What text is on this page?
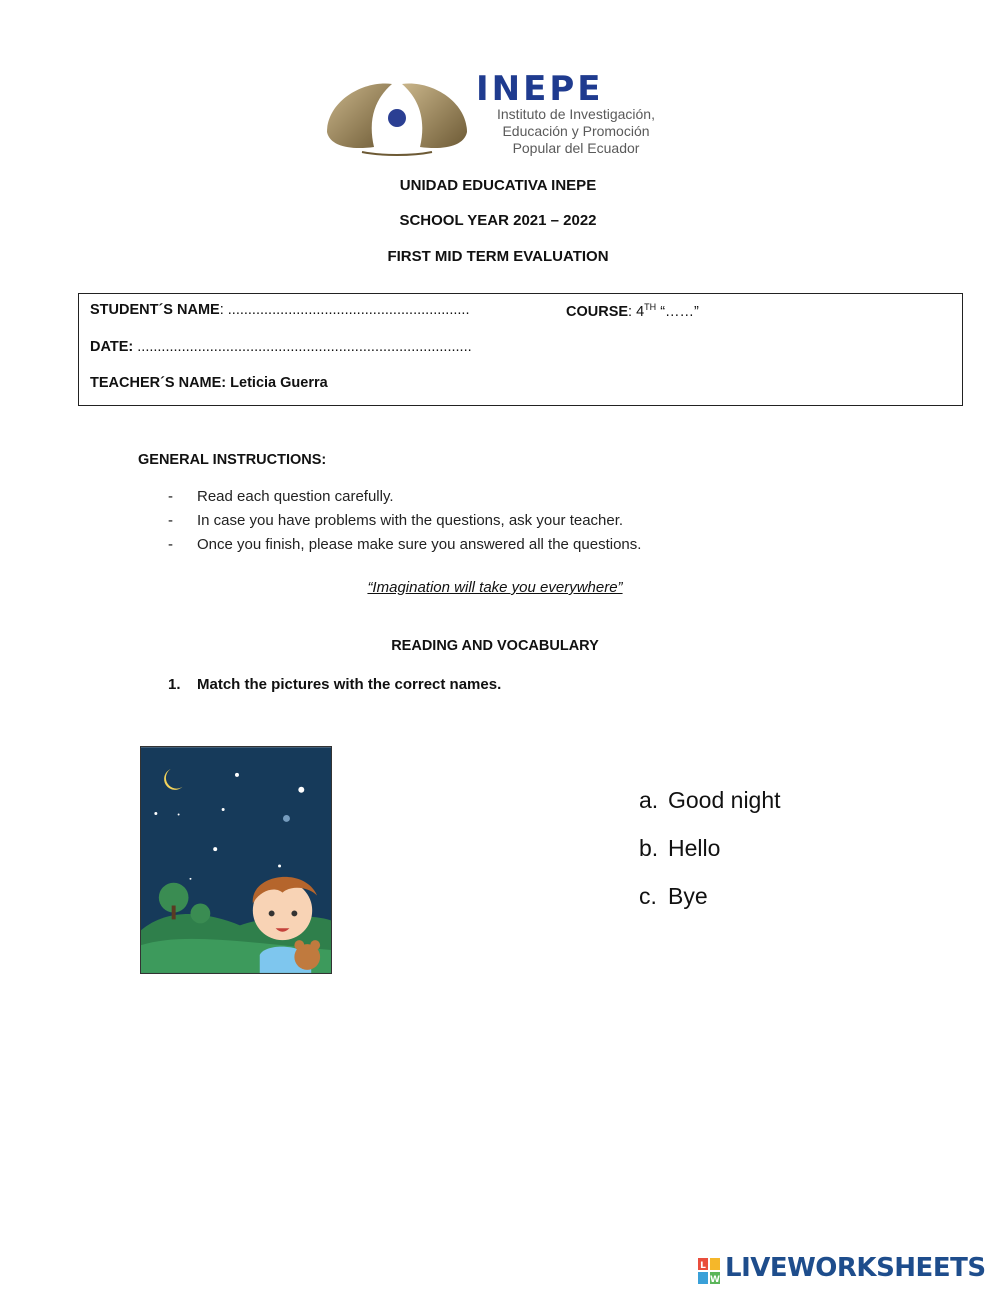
INEPE
Instituto de Investigación,
Educación y Promoción
Popular del Ecuador
UNIDAD EDUCATIVA INEPE
SCHOOL YEAR 2021 – 2022
FIRST MID TERM EVALUATION
STUDENT´S NAME: ............................................................	COURSE: 4TH “……”
DATE: ...................................................................................
TEACHER´S NAME: Leticia Guerra
GENERAL INSTRUCTIONS:
- Read each question carefully.
- In case you have problems with the questions, ask your teacher.
- Once you finish, please make sure you answered all the questions.
“Imagination will take you everywhere”
READING AND VOCABULARY
1. Match the pictures with the correct names.
a. Good night
b. Hello
c. Bye
L
W LIVEWORKSHEETS
